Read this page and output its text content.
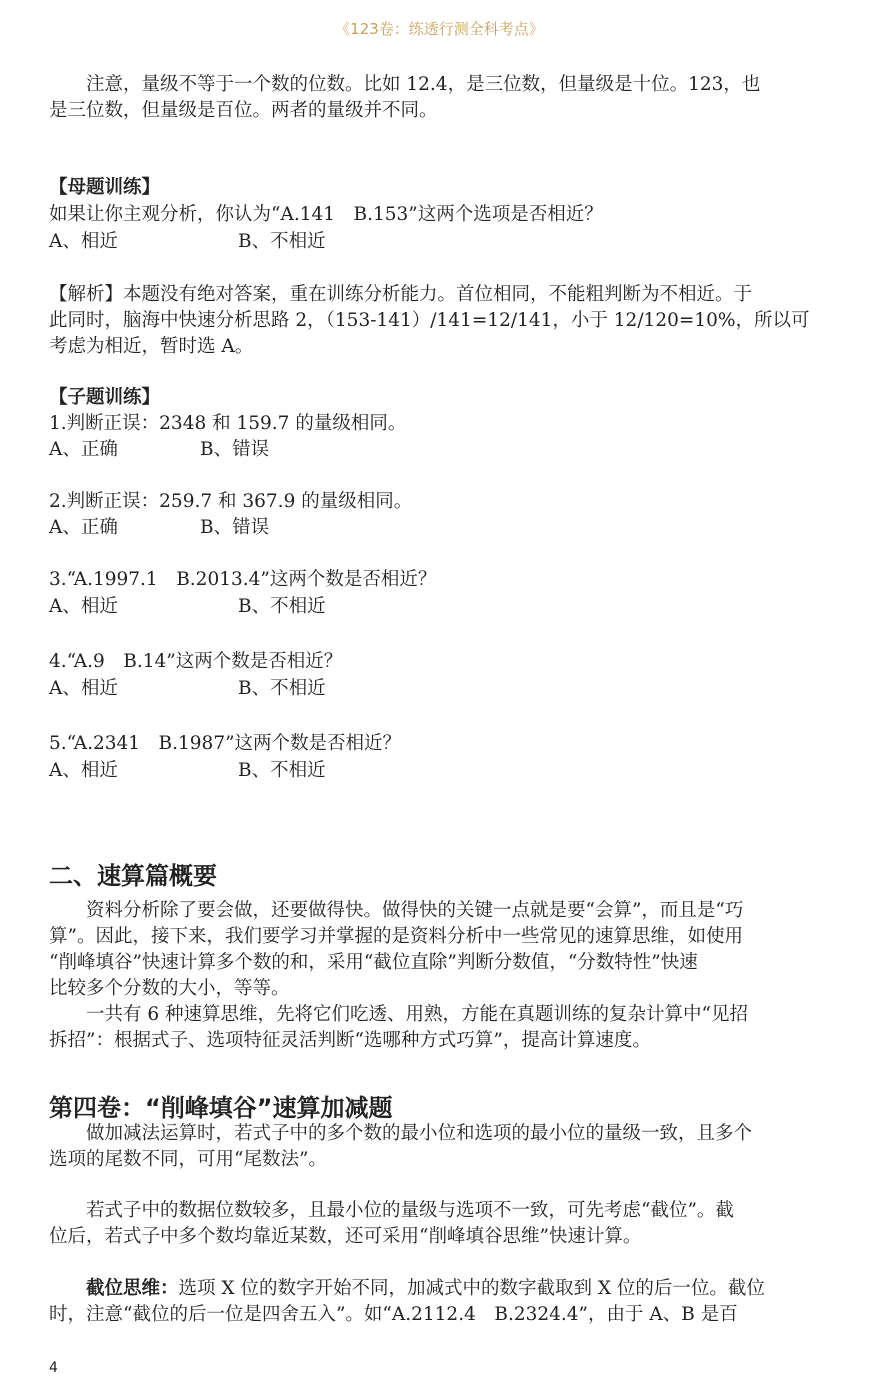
《123卷：练透行测全科考点》
注意，量级不等于一个数的位数。比如 12.4，是三位数，但量级是十位。123，也
是三位数，但量级是百位。两者的量级并不同。
【母题训练】
如果让你主观分析，你认为“A.141　B.153”这两个选项是否相近？
A、相近	B、不相近
【解析】本题没有绝对答案，重在训练分析能力。首位相同，不能粗判断为不相近。于
此同时，脑海中快速分析思路 2，（153-141）/141=12/141，小于 12/120=10%，所以可
考虑为相近，暂时选 A。
【子题训练】
1.判断正误：2348 和 159.7 的量级相同。
A、正确	B、错误
2.判断正误：259.7 和 367.9 的量级相同。
A、正确	B、错误
3.“A.1997.1　B.2013.4”这两个数是否相近？
A、相近	B、不相近
4.“A.9　B.14”这两个数是否相近？
A、相近	B、不相近
5.“A.2341　B.1987”这两个数是否相近？
A、相近	B、不相近
二、速算篇概要
资料分析除了要会做，还要做得快。做得快的关键一点就是要“会算”，而且是“巧
算”。因此，接下来，我们要学习并掌握的是资料分析中一些常见的速算思维，如使用
“削峰填谷”快速计算多个数的和，采用“截位直除”判断分数值，“分数特性”快速
比较多个分数的大小，等等。
一共有 6 种速算思维，先将它们吃透、用熟，方能在真题训练的复杂计算中“见招
拆招”：根据式子、选项特征灵活判断“选哪种方式巧算”，提高计算速度。
第四卷：“削峰填谷”速算加减题
做加减法运算时，若式子中的多个数的最小位和选项的最小位的量级一致，且多个
选项的尾数不同，可用“尾数法”。
若式子中的数据位数较多，且最小位的量级与选项不一致，可先考虑“截位”。截
位后，若式子中多个数均靠近某数，还可采用“削峰填谷思维”快速计算。
截位思维：选项 X 位的数字开始不同，加减式中的数字截取到 X 位的后一位。截位
时，注意“截位的后一位是四舍五入”。如“A.2112.4　B.2324.4”，由于 A、B 是百
4
